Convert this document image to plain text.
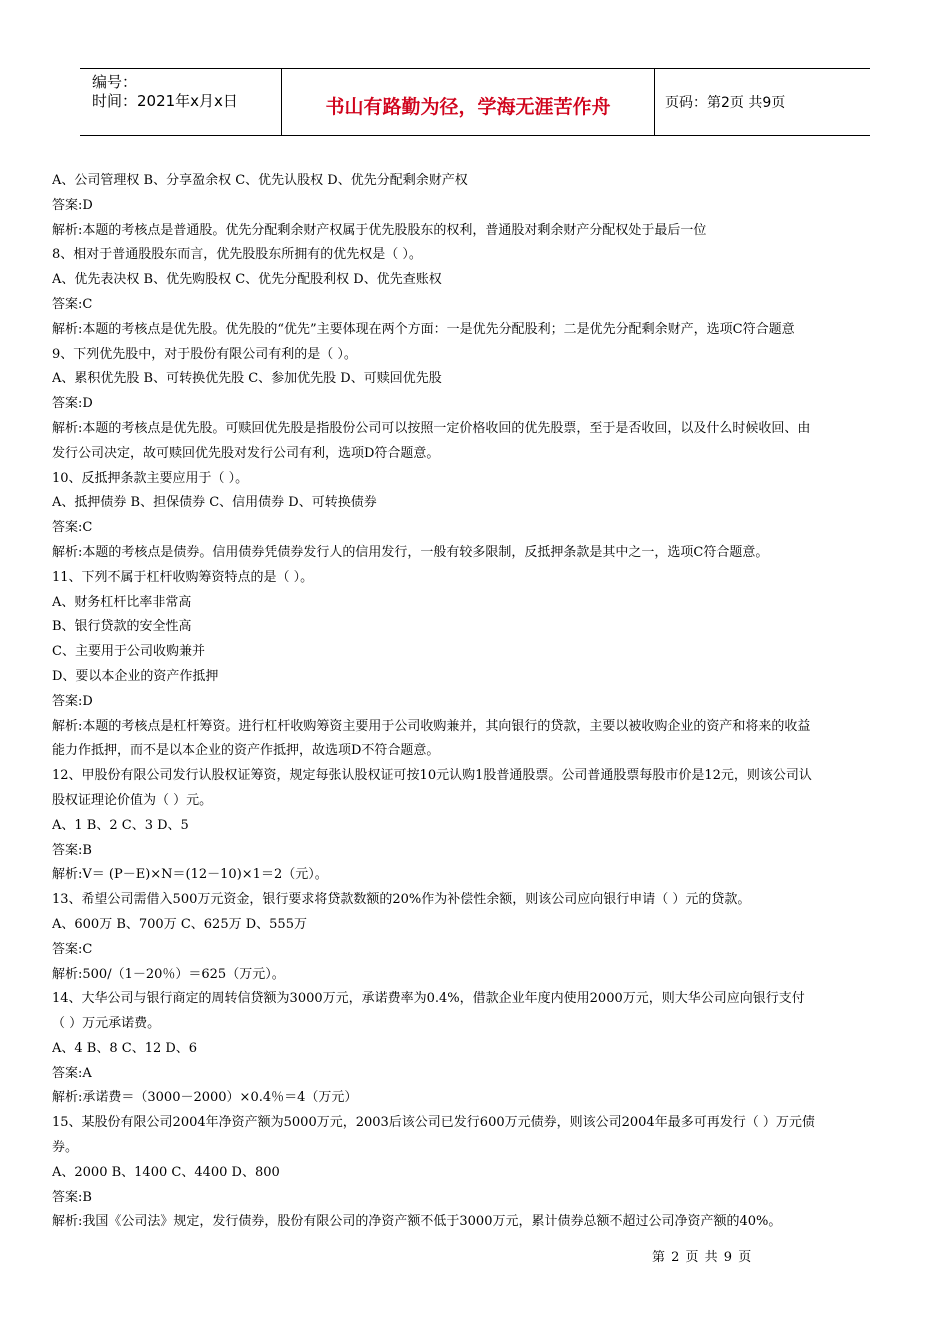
编号：
时间：2021年x月x日	书山有路勤为径，学海无涯苦作舟	页码：第2页 共9页
A、公司管理权 B、分享盈余权 C、优先认股权 D、优先分配剩余财产权
答案:D
解析:本题的考核点是普通股。优先分配剩余财产权属于优先股股东的权利，普通股对剩余财产分配权处于最后一位
8、相对于普通股股东而言，优先股股东所拥有的优先权是（ ）。
A、优先表决权 B、优先购股权 C、优先分配股利权 D、优先查账权
答案:C
解析:本题的考核点是优先股。优先股的“优先”主要体现在两个方面：一是优先分配股利；二是优先分配剩余财产，选项C符合题意
9、下列优先股中，对于股份有限公司有利的是（ ）。
A、累积优先股 B、可转换优先股 C、参加优先股 D、可赎回优先股
答案:D
解析:本题的考核点是优先股。可赎回优先股是指股份公司可以按照一定价格收回的优先股票，至于是否收回，以及什么时候收回、由
发行公司决定，故可赎回优先股对发行公司有利，选项D符合题意。
10、反抵押条款主要应用于（ ）。
A、抵押债券 B、担保债券 C、信用债券 D、可转换债券
答案:C
解析:本题的考核点是债券。信用债券凭债券发行人的信用发行，一般有较多限制，反抵押条款是其中之一，选项C符合题意。
11、下列不属于杠杆收购筹资特点的是（ ）。
A、财务杠杆比率非常高
B、银行贷款的安全性高
C、主要用于公司收购兼并
D、要以本企业的资产作抵押
答案:D
解析:本题的考核点是杠杆筹资。进行杠杆收购筹资主要用于公司收购兼并，其向银行的贷款，主要以被收购企业的资产和将来的收益
能力作抵押，而不是以本企业的资产作抵押，故选项D不符合题意。
12、甲股份有限公司发行认股权证筹资，规定每张认股权证可按10元认购1股普通股票。公司普通股票每股市价是12元，则该公司认
股权证理论价值为（ ）元。
A、1 B、2 C、3 D、5
答案:B
解析:V＝ (P－E)×N＝(12－10)×1＝2（元）。
13、希望公司需借入500万元资金，银行要求将贷款数额的20%作为补偿性余额，则该公司应向银行申请（ ）元的贷款。
A、600万 B、700万 C、625万 D、555万
答案:C
解析:500/（1－20％）＝625（万元）。
14、大华公司与银行商定的周转信贷额为3000万元，承诺费率为0.4%，借款企业年度内使用2000万元，则大华公司应向银行支付
（ ）万元承诺费。
A、4 B、8 C、12 D、6
答案:A
解析:承诺费＝（3000－2000）×0.4％＝4（万元）
15、某股份有限公司2004年净资产额为5000万元，2003后该公司已发行600万元债券，则该公司2004年最多可再发行（ ）万元债
券。
A、2000 B、1400 C、4400 D、800
答案:B
解析:我国《公司法》规定，发行债券，股份有限公司的净资产额不低于3000万元，累计债券总额不超过公司净资产额的40%。
第 2 页 共 9 页
